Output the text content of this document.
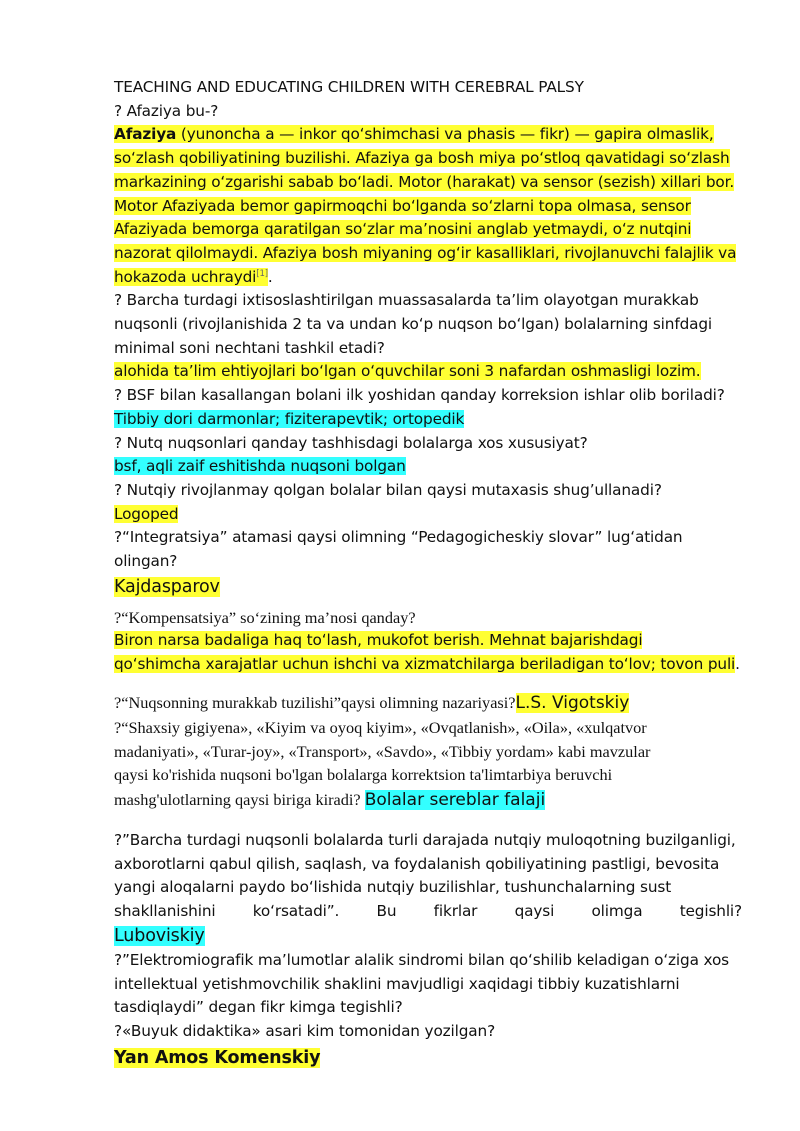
TEACHING AND EDUCATING CHILDREN WITH CEREBRAL PALSY

? Afaziya bu-?

Afaziya (yunoncha a — inkor qoʻshimchasi va phasis — fikr) — gapira olmaslik,

soʻzlash qobiliyatining buzilishi. Afaziya ga bosh miya poʻstloq qavatidagi soʻzlash

markazining oʻzgarishi sabab boʻladi. Motor (harakat) va sensor (sezish) xillari bor.

Motor Afaziyada bemor gapirmoqchi boʻlganda soʻzlarni topa olmasa, sensor

Afaziyada bemorga qaratilgan soʻzlar maʼnosini anglab yetmaydi, oʻz nutqini

nazorat qilolmaydi. Afaziya bosh miyaning ogʻir kasalliklari, rivojlanuvchi falajlik va

hokazoda uchraydi[1].

? Barcha turdagi ixtisoslashtirilgan muassasalarda taʼlim olayotgan murakkab

nuqsonli (rivojlanishida 2 ta va undan koʻp nuqson boʻlgan) bolalarning sinfdagi

minimal soni nechtani tashkil etadi?

alohida taʼlim ehtiyojlari boʻlgan oʻquvchilar soni 3 nafardan oshmasligi lozim.

? BSF bilan kasallangan bolani ilk yoshidan qanday korreksion ishlar olib boriladi?

Tibbiy dori darmonlar; fiziterapevtik; ortopedik

? Nutq nuqsonlari qanday tashhisdagi bolalarga xos xususiyat?

bsf, aqli zaif eshitishda nuqsoni bolgan

? Nutqiy rivojlanmay qolgan bolalar bilan qaysi mutaxasis shugʼullanadi?

Logoped

?“Integratsiya” atamasi qaysi olimning “Pedagogicheskiy slovar” lugʻatidan

olingan?

Kajdasparov

?“Kompensatsiya” soʻzining maʼnosi qanday?

Biron narsa badaliga haq toʻlash, mukofot berish. Mehnat bajarishdagi

qoʻshimcha xarajatlar uchun ishchi va xizmatchilarga beriladigan toʻlov; tovon puli.

?“Nuqsonning murakkab tuzilishi”qaysi olimning nazariyasi?L.S. Vigotskiy

?“Shaxsiy gigiyena», «Kiyim va oyoq kiyim», «Ovqatlanish», «Oila», «xulqatvor

madaniyati», «Turar-joy», «Transport», «Savdo», «Tibbiy yordam» kabi mavzular

qaysi ko'rishida nuqsoni bo'lgan bolalarga korrektsion ta'limtarbiya beruvchi

mashg'ulotlarning qaysi biriga kiradi? Bolalar sereblar falaji

?”Barcha turdagi nuqsonli bolalarda turli darajada nutqiy muloqotning buzilganligi,

axborotlarni qabul qilish, saqlash, va foydalanish qobiliyatining pastligi, bevosita

yangi aloqalarni paydo boʻlishida nutqiy buzilishlar, tushunchalarning sust

shakllanishini koʻrsatadi”. Bu fikrlar qaysi olimga tegishli?

Luboviskiy

?”Elektromiografik maʼlumotlar alalik sindromi bilan qoʻshilib keladigan oʻziga xos

intellektual yetishmovchilik shaklini mavjudligi xaqidagi tibbiy kuzatishlarni

tasdiqlaydi” degan fikr kimga tegishli?

?«Buyuk didaktika» asari kim tomonidan yozilgan?

Yan Amos Komenskiy
